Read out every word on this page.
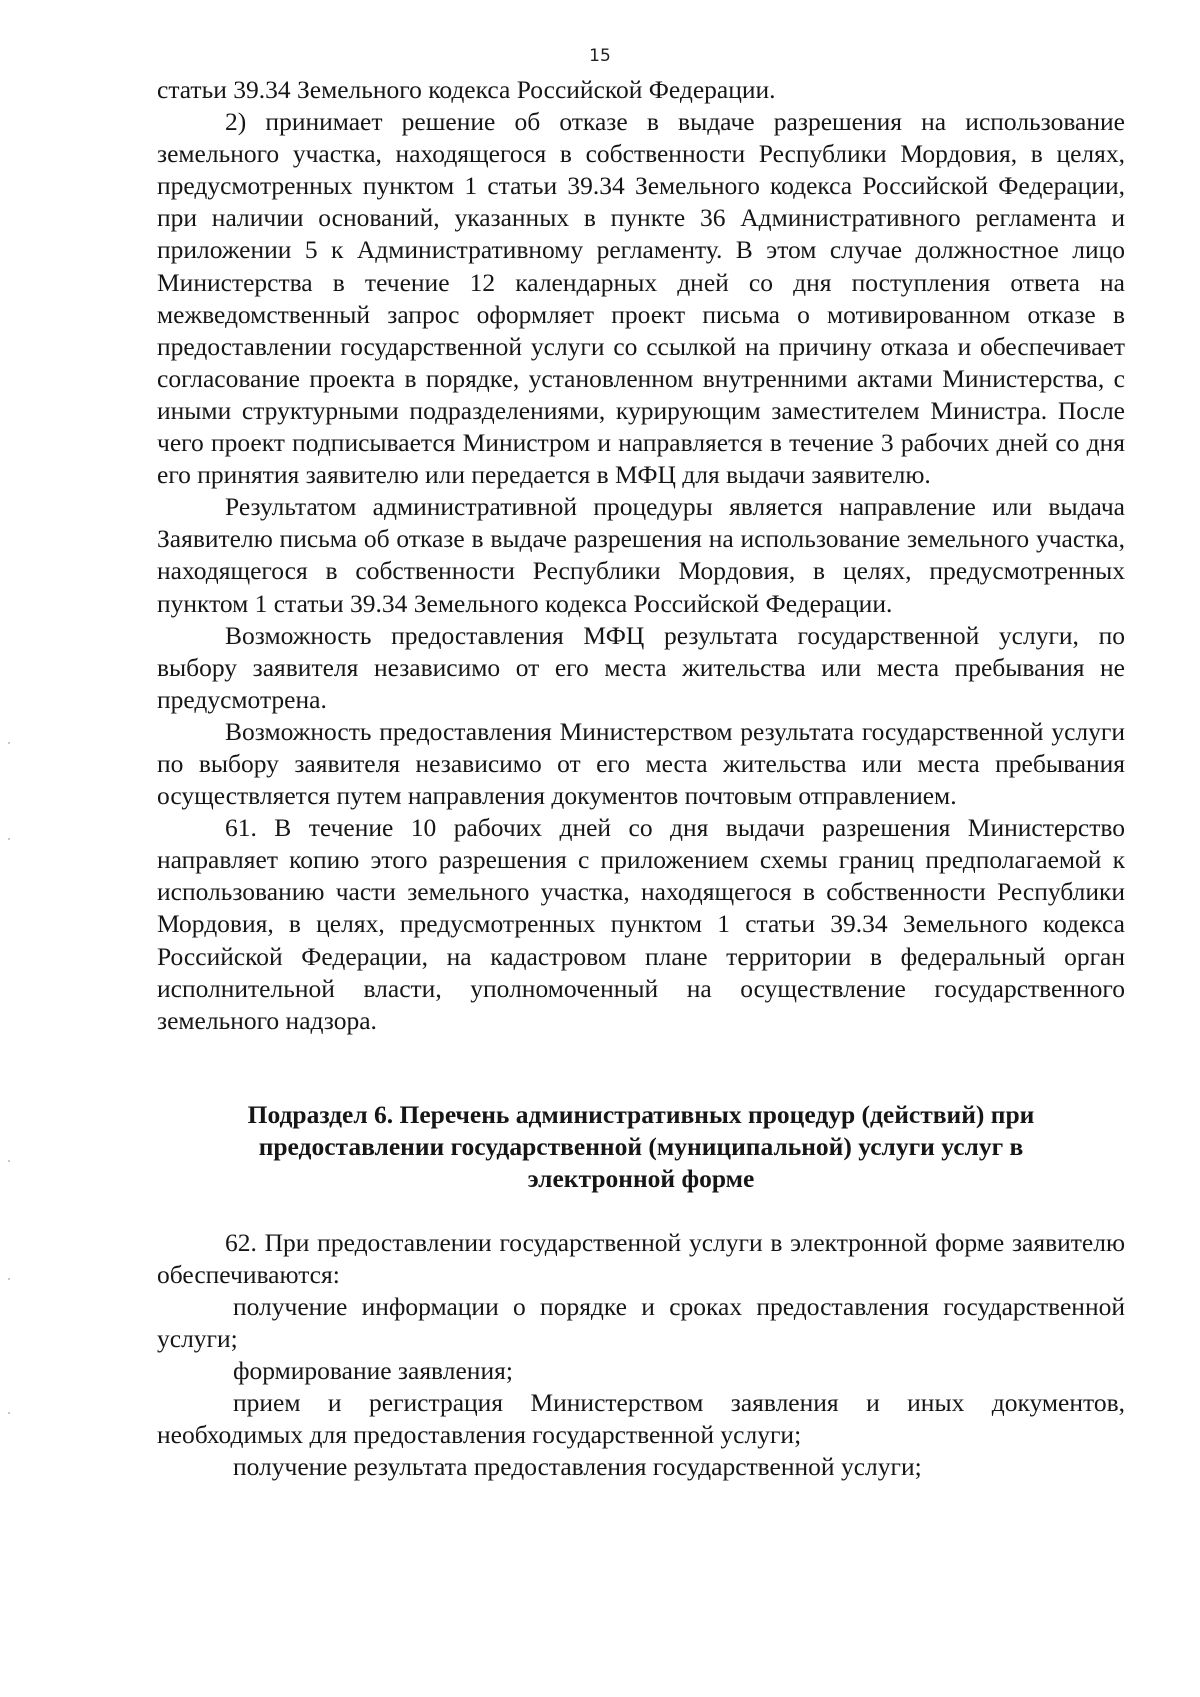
15

статьи 39.34 Земельного кодекса Российской Федерации.

2) принимает решение об отказе в выдаче разрешения на использование земельного участка, находящегося в собственности Республики Мордовия, в целях, предусмотренных пунктом 1 статьи 39.34 Земельного кодекса Российской Федерации, при наличии оснований, указанных в пункте 36 Административного регламента и приложении 5 к Административному регламенту. В этом случае должностное лицо Министерства в течение 12 календарных дней со дня поступления ответа на межведомственный запрос оформляет проект письма о мотивированном отказе в предоставлении государственной услуги со ссылкой на причину отказа и обеспечивает согласование проекта в порядке, установленном внутренними актами Министерства, с иными структурными подразделениями, курирующим заместителем Министра. После чего проект подписывается Министром и направляется в течение 3 рабочих дней со дня его принятия заявителю или передается в МФЦ для выдачи заявителю.

Результатом административной процедуры является направление или выдача Заявителю письма об отказе в выдаче разрешения на использование земельного участка, находящегося в собственности Республики Мордовия, в целях, предусмотренных пунктом 1 статьи 39.34 Земельного кодекса Российской Федерации.

Возможность предоставления МФЦ результата государственной услуги, по выбору заявителя независимо от его места жительства или места пребывания не предусмотрена.

Возможность предоставления Министерством результата государственной услуги по выбору заявителя независимо от его места жительства или места пребывания осуществляется путем направления документов почтовым отправлением.

61. В течение 10 рабочих дней со дня выдачи разрешения Министерство направляет копию этого разрешения с приложением схемы границ предполагаемой к использованию части земельного участка, находящегося в собственности Республики Мордовия, в целях, предусмотренных пунктом 1 статьи 39.34 Земельного кодекса Российской Федерации, на кадастровом плане территории в федеральный орган исполнительной власти, уполномоченный на осуществление государственного земельного надзора.

Подраздел 6. Перечень административных процедур (действий) при предоставлении государственной (муниципальной) услуги услуг в электронной форме

62. При предоставлении государственной услуги в электронной форме заявителю обеспечиваются:

получение информации о порядке и сроках предоставления государственной услуги;

формирование заявления;

прием и регистрация Министерством заявления и иных документов, необходимых для предоставления государственной услуги;

получение результата предоставления государственной услуги;
